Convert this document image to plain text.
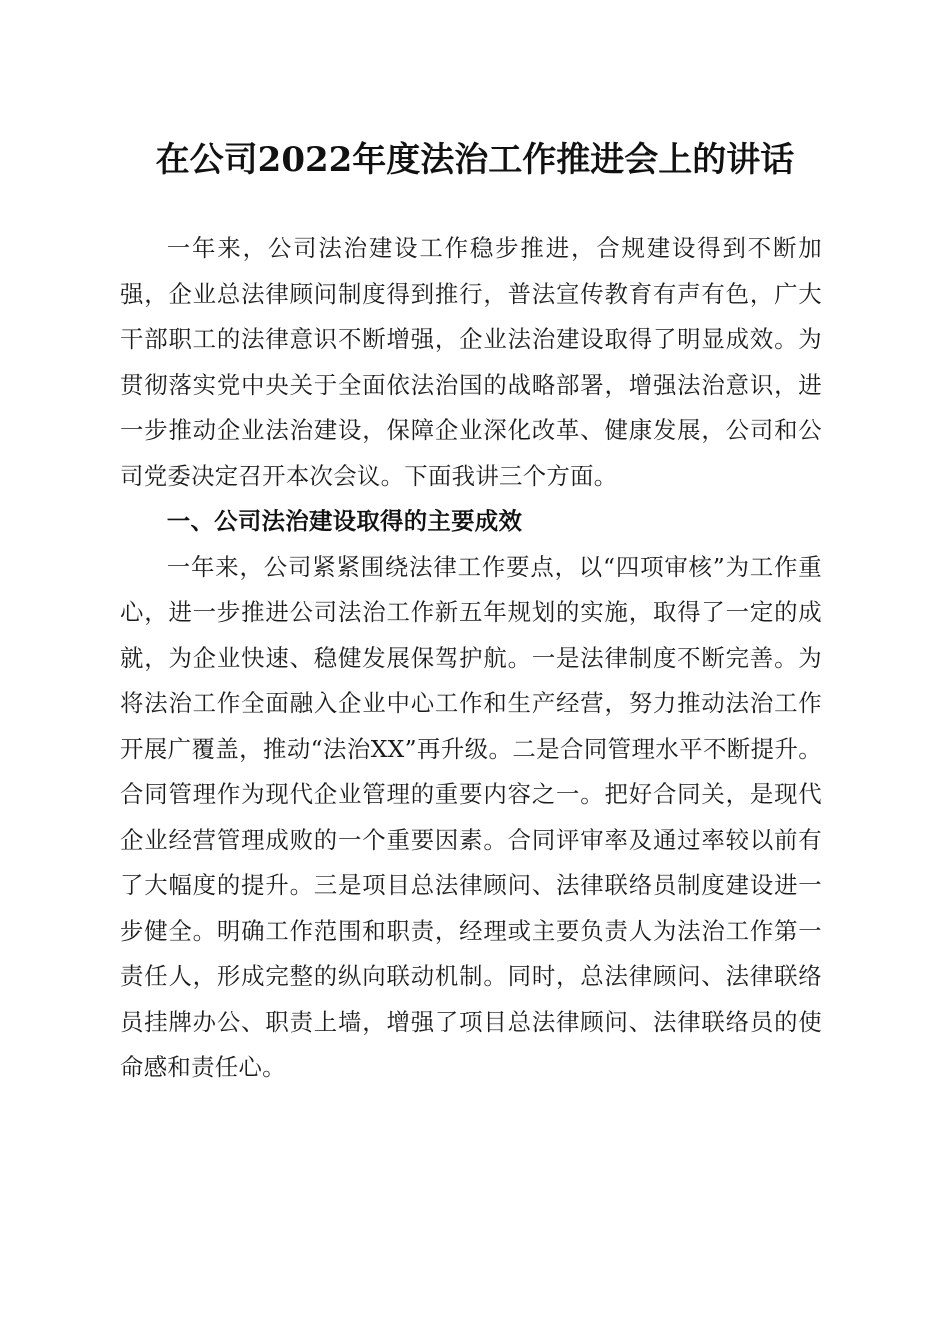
在公司2022年度法治工作推进会上的讲话

一年来，公司法治建设工作稳步推进，合规建设得到不断加强，企业总法律顾问制度得到推行，普法宣传教育有声有色，广大干部职工的法律意识不断增强，企业法治建设取得了明显成效。为贯彻落实党中央关于全面依法治国的战略部署，增强法治意识，进一步推动企业法治建设，保障企业深化改革、健康发展，公司和公司党委决定召开本次会议。下面我讲三个方面。

一、公司法治建设取得的主要成效

一年来，公司紧紧围绕法律工作要点，以“四项审核”为工作重心，进一步推进公司法治工作新五年规划的实施，取得了一定的成就，为企业快速、稳健发展保驾护航。一是法律制度不断完善。为将法治工作全面融入企业中心工作和生产经营，努力推动法治工作开展广覆盖，推动“法治XX”再升级。二是合同管理水平不断提升。合同管理作为现代企业管理的重要内容之一。把好合同关，是现代企业经营管理成败的一个重要因素。合同评审率及通过率较以前有了大幅度的提升。三是项目总法律顾问、法律联络员制度建设进一步健全。明确工作范围和职责，经理或主要负责人为法治工作第一责任人，形成完整的纵向联动机制。同时，总法律顾问、法律联络员挂牌办公、职责上墙，增强了项目总法律顾问、法律联络员的使命感和责任心。
